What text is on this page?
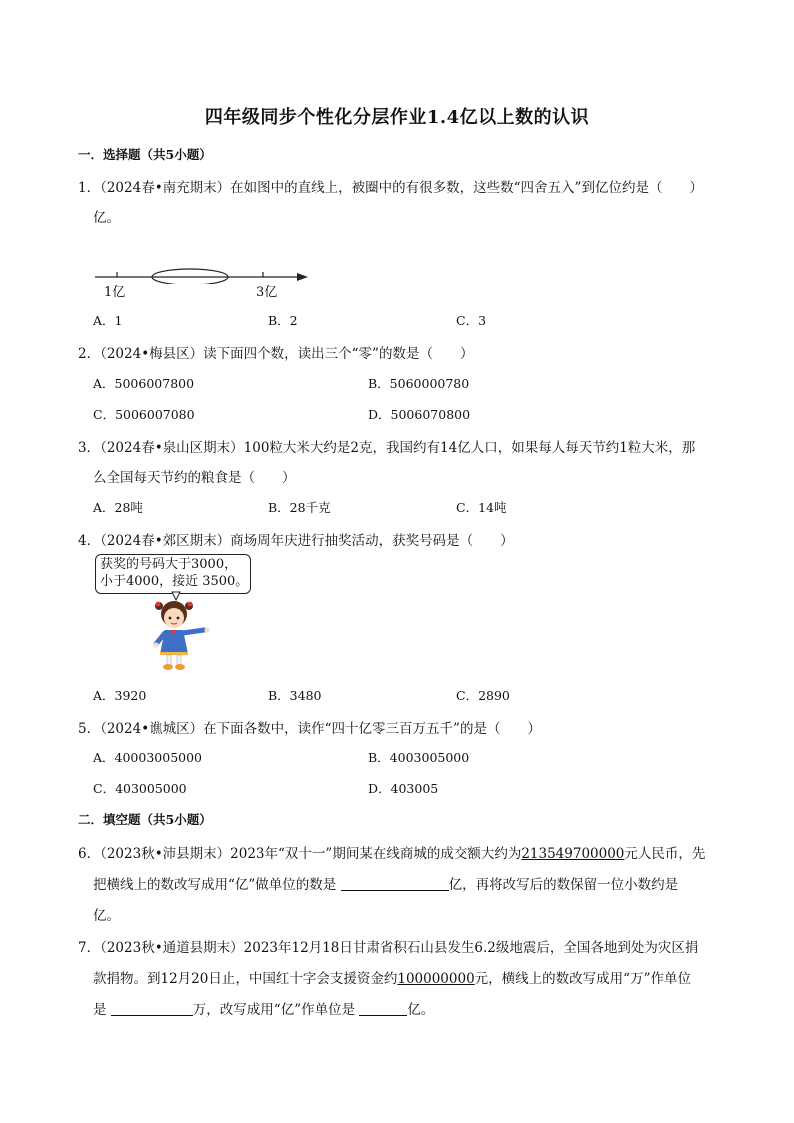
四年级同步个性化分层作业1.4亿以上数的认识
一．选择题（共5小题）
1．（2024春•南充期末）在如图中的直线上，被圈中的有很多数，这些数“四舍五入”到亿位约是（　　）
亿。
1亿	3亿
A．1	B．2	C．3
2．（2024•梅县区）读下面四个数，读出三个“零”的数是（　　）
A．5006007800	B．5060000780
C．5006007080	D．5006070800
3．（2024春•泉山区期末）100粒大米大约是2克，我国约有14亿人口，如果每人每天节约1粒大米，那
么全国每天节约的粮食是（　　）
A．28吨	B．28千克	C．14吨
4．（2024春•郊区期末）商场周年庆进行抽奖活动，获奖号码是（　　）
获奖的号码大于3000，
小于4000，接近 3500。
A．3920	B．3480	C．2890
5．（2024•谯城区）在下面各数中，读作“四十亿零三百万五千”的是（　　）
A．40003005000	B．4003005000
C．403005000	D．403005
二．填空题（共5小题）
6．（2023秋•沛县期末）2023年“双十一”期间某在线商城的成交额大约为213549700000元人民币，先
把横线上的数改写成用“亿”做单位的数是	亿，再将改写后的数保留一位小数约是
亿。
7．（2023秋•通道县期末）2023年12月18日甘肃省积石山县发生6.2级地震后，全国各地到处为灾区捐
款捐物。到12月20日止，中国红十字会支援资金约100000000元，横线上的数改写成用“万”作单位
是	万，改写成用“亿”作单位是	亿。
